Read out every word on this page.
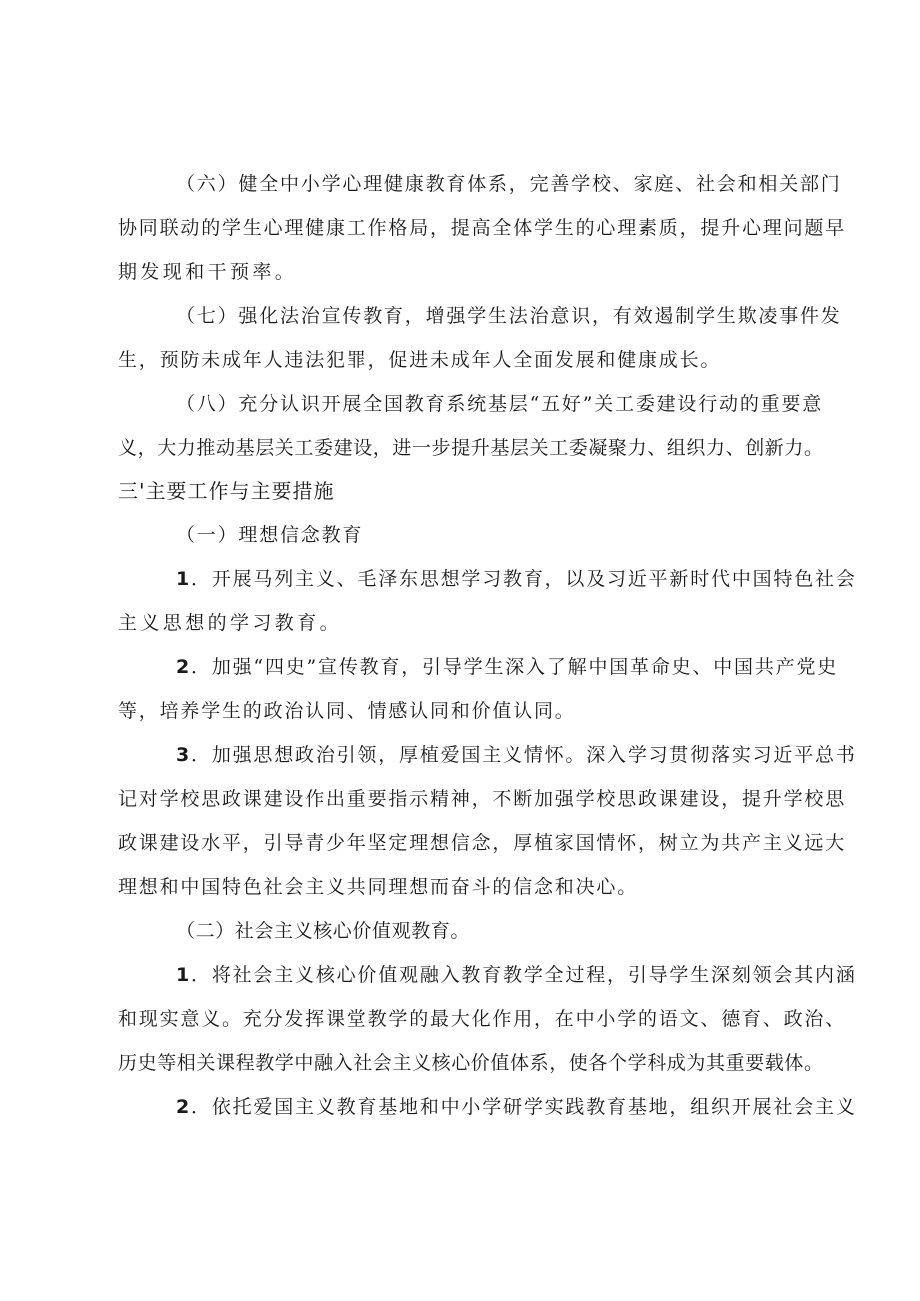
（六）健全中小学心理健康教育体系，完善学校、家庭、社会和相关部门
协同联动的学生心理健康工作格局，提高全体学生的心理素质，提升心理问题早
期发现和干预率。
（七）强化法治宣传教育，增强学生法治意识，有效遏制学生欺凌事件发
生，预防未成年人违法犯罪，促进未成年人全面发展和健康成长。
（八）充分认识开展全国教育系统基层“五好”关工委建设行动的重要意
义，大力推动基层关工委建设，进一步提升基层关工委凝聚力、组织力、创新力。
三'主要工作与主要措施
（一）理想信念教育
1．开展马列主义、毛泽东思想学习教育，以及习近平新时代中国特色社会
主义思想的学习教育。
2．加强“四史”宣传教育，引导学生深入了解中国革命史、中国共产党史
等，培养学生的政治认同、情感认同和价值认同。
3．加强思想政治引领，厚植爱国主义情怀。深入学习贯彻落实习近平总书
记对学校思政课建设作出重要指示精神，不断加强学校思政课建设，提升学校思
政课建设水平，引导青少年坚定理想信念，厚植家国情怀，树立为共产主义远大
理想和中国特色社会主义共同理想而奋斗的信念和决心。
（二）社会主义核心价值观教育。
1．将社会主义核心价值观融入教育教学全过程，引导学生深刻领会其内涵
和现实意义。充分发挥课堂教学的最大化作用，在中小学的语文、德育、政治、
历史等相关课程教学中融入社会主义核心价值体系，使各个学科成为其重要载体。
2．依托爱国主义教育基地和中小学研学实践教育基地，组织开展社会主义
